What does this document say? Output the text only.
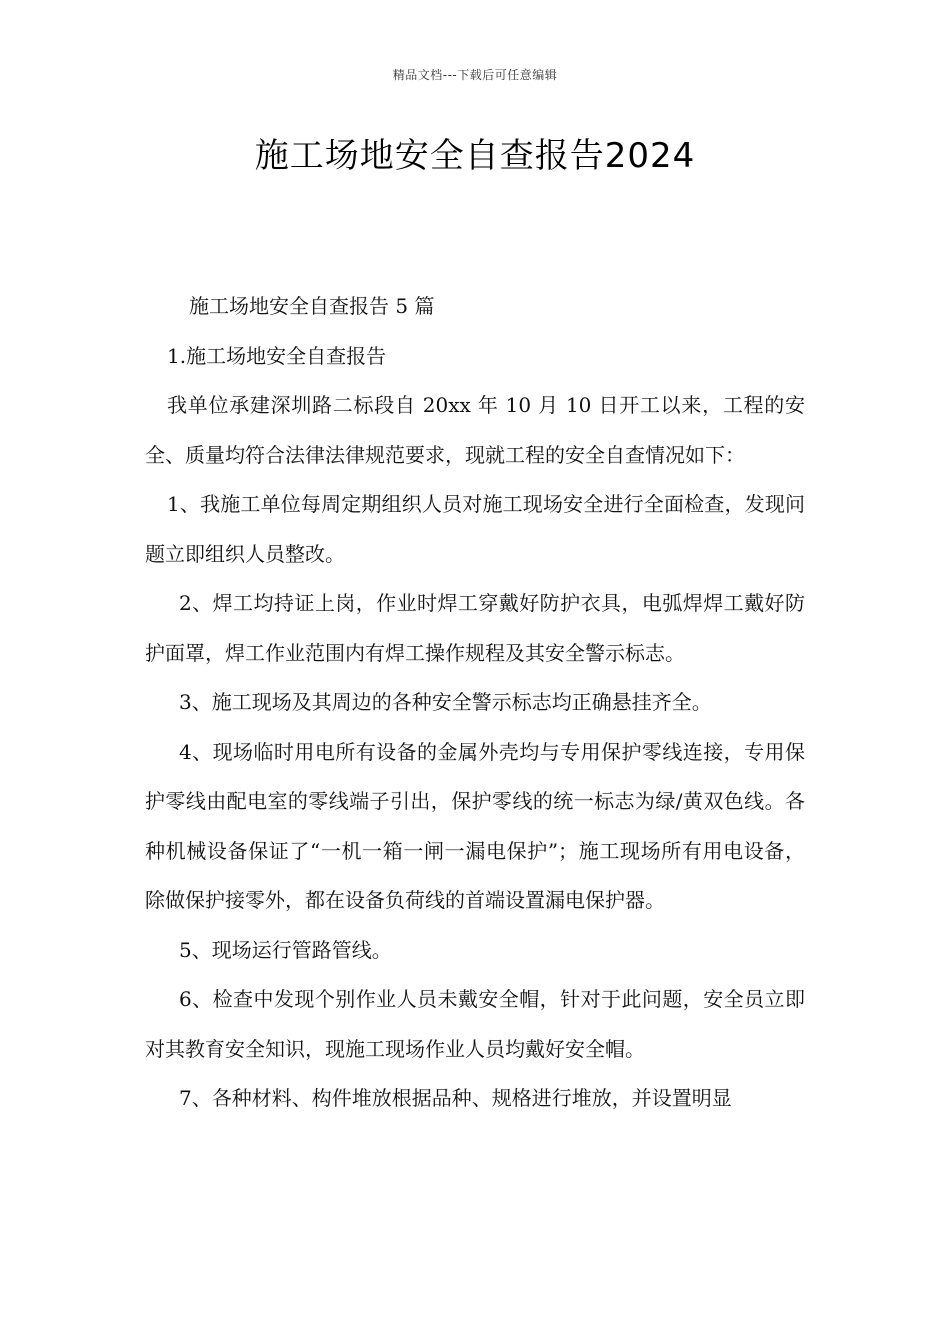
精品文档---下载后可任意编辑
施工场地安全自查报告2024

施工场地安全自查报告 5 篇

1.施工场地安全自查报告

我单位承建深圳路二标段自 20xx 年 10 月 10 日开工以来，工程的安全、质量均符合法律法律规范要求，现就工程的安全自查情况如下：

1、我施工单位每周定期组织人员对施工现场安全进行全面检查，发现问题立即组织人员整改。

2、焊工均持证上岗，作业时焊工穿戴好防护衣具，电弧焊焊工戴好防护面罩，焊工作业范围内有焊工操作规程及其安全警示标志。

3、施工现场及其周边的各种安全警示标志均正确悬挂齐全。

4、现场临时用电所有设备的金属外壳均与专用保护零线连接，专用保护零线由配电室的零线端子引出，保护零线的统一标志为绿/黄双色线。各种机械设备保证了“一机一箱一闸一漏电保护”；施工现场所有用电设备，除做保护接零外，都在设备负荷线的首端设置漏电保护器。

5、现场运行管路管线。

6、检查中发现个别作业人员未戴安全帽，针对于此问题，安全员立即对其教育安全知识，现施工现场作业人员均戴好安全帽。

7、各种材料、构件堆放根据品种、规格进行堆放，并设置明显
